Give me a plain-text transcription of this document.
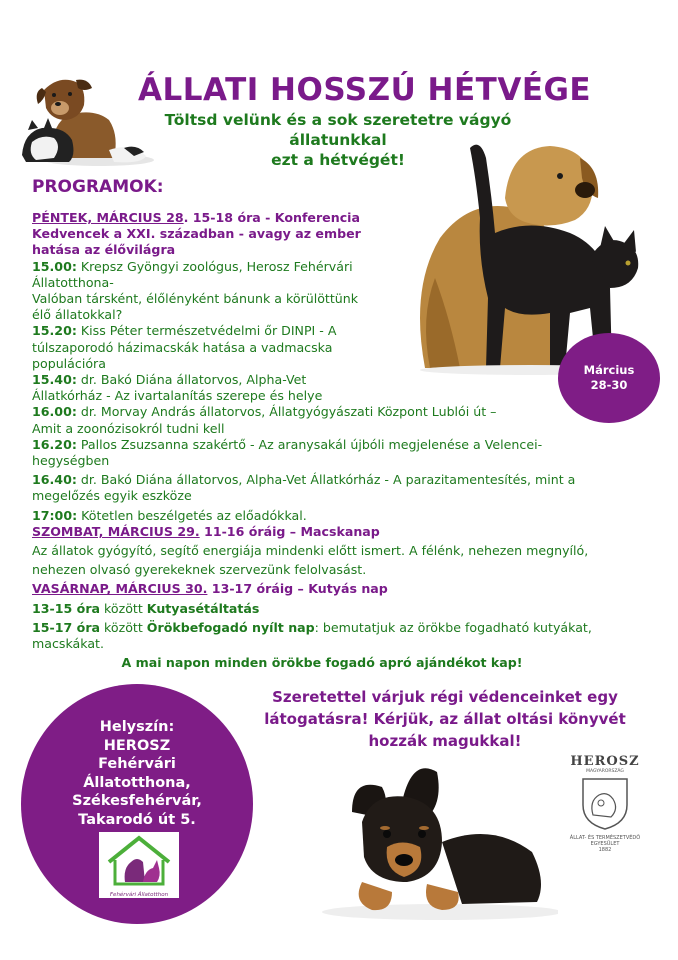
ÁLLATI HOSSZÚ HÉTVÉGE
Töltsd velünk és a sok szeretetre vágyó állatunkkal
ezt a hétvégét!
PROGRAMOK:
PÉNTEK, MÁRCIUS 28. 15-18 óra - Konferencia
Kedvencek a XXI. században - avagy az ember
hatása az élővilágra
15.00: Krepsz Gyöngyi zoológus, Herosz Fehérvári
Állatotthona-
Valóban társként, élőlényként bánunk a körülöttünk
élő állatokkal?
15.20: Kiss Péter természetvédelmi őr DINPI - A
túlszaporodó házimacskák hatása a vadmacska
populációra
15.40: dr. Bakó Diána állatorvos, Alpha-Vet
Állatkórház - Az ivartalanítás szerepe és helye
16.00: dr. Morvay András állatorvos, Állatgyógyászati Központ Lublói út –
Amit a zoonózisokról tudni kell
16.20: Pallos Zsuzsanna szakértő - Az aranysakál újbóli megjelenése a Velencei-
hegységben
16.40: dr. Bakó Diána állatorvos, Alpha-Vet Állatkórház - A parazitamentesítés, mint a
megelőzés egyik eszköze
17:00: Kötetlen beszélgetés az előadókkal.
SZOMBAT, MÁRCIUS 29. 11-16 óráig – Macskanap
Az állatok gyógyító, segítő energiája mindenki előtt ismert. A félénk, nehezen megnyíló,
nehezen olvasó gyerekeknek szervezünk felolvasást.
VASÁRNAP, MÁRCIUS 30. 13-17 óráig – Kutyás nap
13-15 óra között Kutyasétáltatás
15-17 óra között Örökbefogadó nyílt nap: bemutatjuk az örökbe fogadható kutyákat,
macskákat.
A mai napon minden örökbe fogadó apró ajándékot kap!
Március
28-30
Szeretettel várjuk régi védenceinket egy
látogatásra! Kérjük, az állat oltási könyvét
hozzák magukkal!
Helyszín:
HEROSZ
Fehérvári
Állatotthona,
Székesfehérvár,
Takarodó út 5.
Fehérvári Állatotthon
HEROSZ
MAGYARORSZÁG
ÁLLAT- ÉS TERMÉSZETVÉDŐ
EGYESÜLET
1882
